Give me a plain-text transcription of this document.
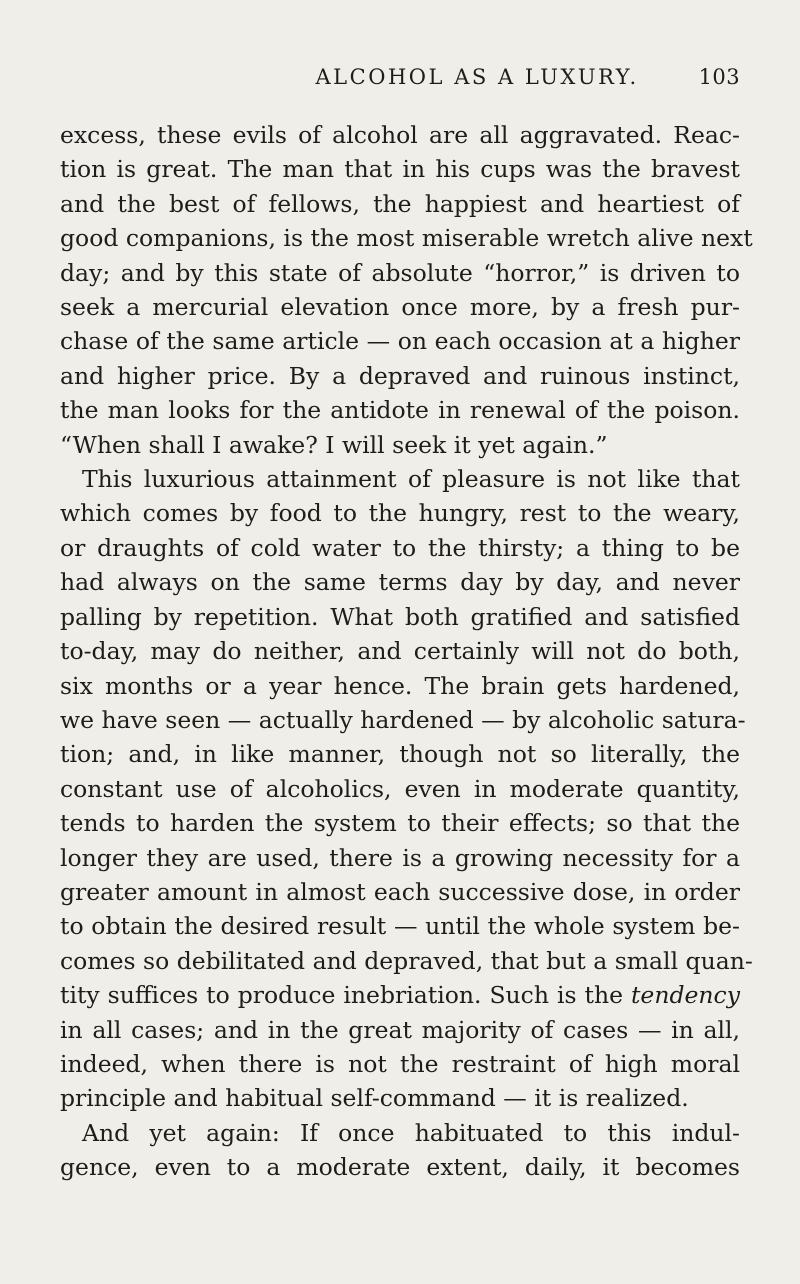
ALCOHOL AS A LUXURY.	103

excess, these evils of alcohol are all aggravated. Reac-
tion is great. The man that in his cups was the bravest
and the best of fellows, the happiest and heartiest of
good companions, is the most miserable wretch alive next
day; and by this state of absolute “horror,” is driven to
seek a mercurial elevation once more, by a fresh pur-
chase of the same article — on each occasion at a higher
and higher price. By a depraved and ruinous instinct,
the man looks for the antidote in renewal of the poison.
“When shall I awake? I will seek it yet again.”

This luxurious attainment of pleasure is not like that
which comes by food to the hungry, rest to the weary,
or draughts of cold water to the thirsty; a thing to be
had always on the same terms day by day, and never
palling by repetition. What both gratified and satisfied
to-day, may do neither, and certainly will not do both,
six months or a year hence. The brain gets hardened,
we have seen — actually hardened — by alcoholic satura-
tion; and, in like manner, though not so literally, the
constant use of alcoholics, even in moderate quantity,
tends to harden the system to their effects; so that the
longer they are used, there is a growing necessity for a
greater amount in almost each successive dose, in order
to obtain the desired result — until the whole system be-
comes so debilitated and depraved, that but a small quan-
tity suffices to produce inebriation. Such is the tendency
in all cases; and in the great majority of cases — in all,
indeed, when there is not the restraint of high moral
principle and habitual self-command — it is realized.

And yet again: If once habituated to this indul-
gence, even to a moderate extent, daily, it becomes
